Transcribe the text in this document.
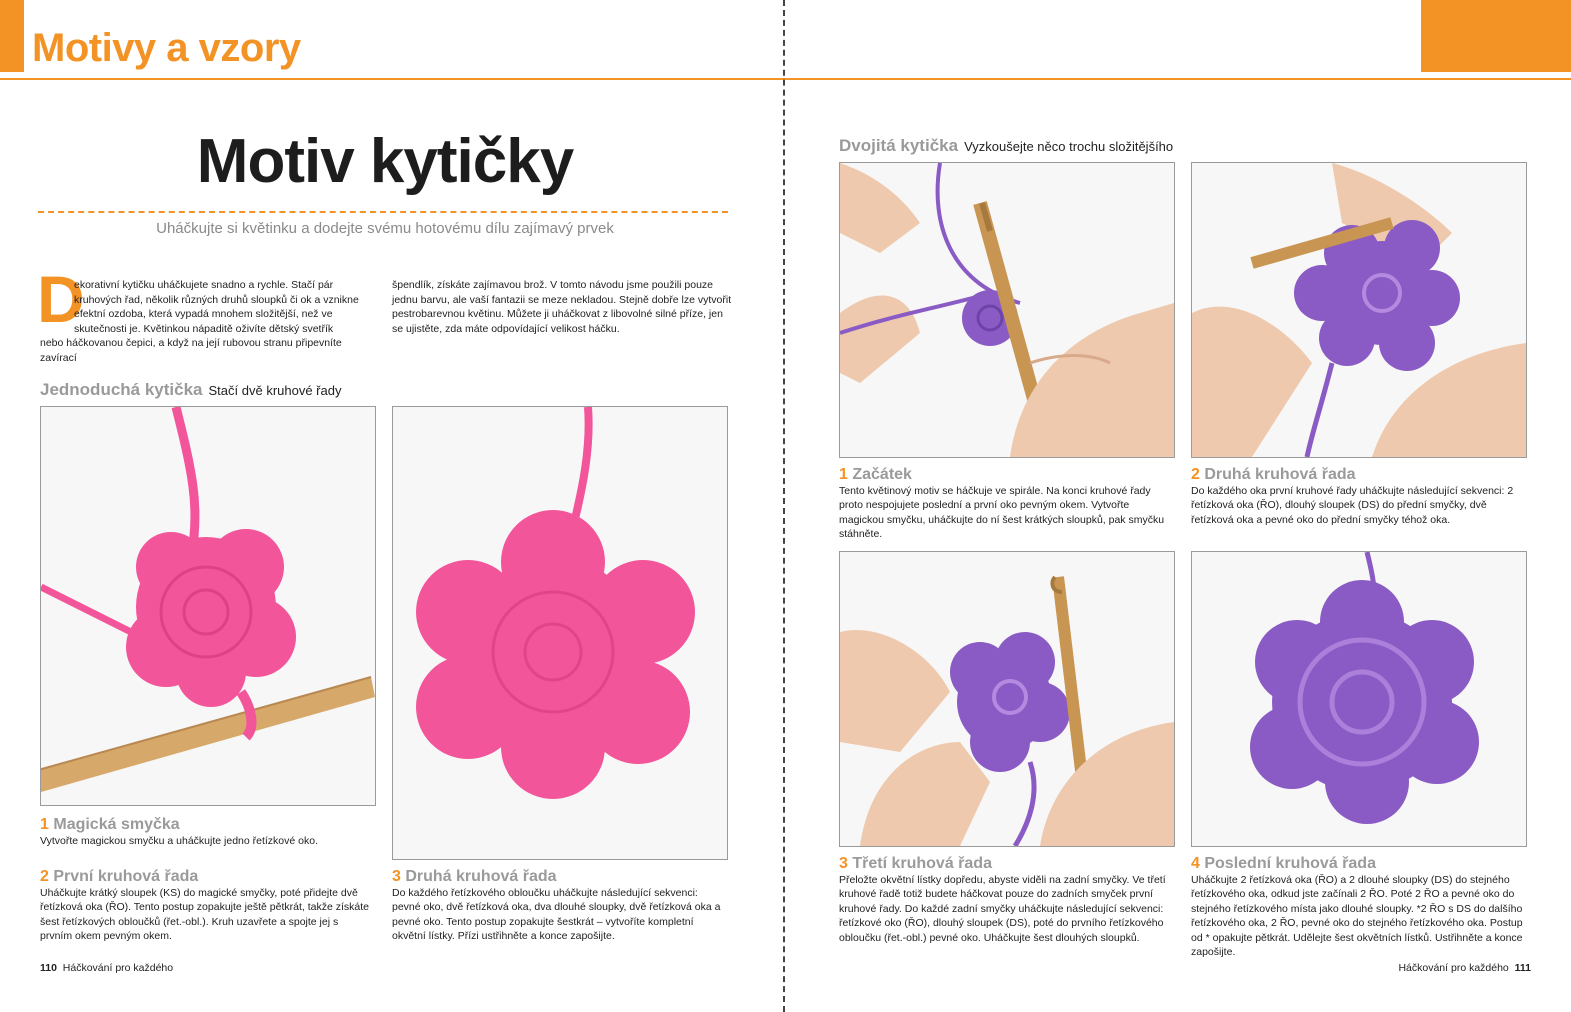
Motivy a vzory
Motiv kytičky
Uháčkujte si květinku a dodejte svému hotovému dílu zajímavý prvek
D
ekorativní kytičku uháčkujete snadno a rychle. Stačí pár
kruhových řad, několik různých druhů sloupků či ok a vznikne
efektní ozdoba, která vypadá mnohem složitější, než ve
skutečnosti je. Květinkou nápaditě oživíte dětský svetřík
nebo háčkovanou čepici, a když na její rubovou stranu připevníte zavírací
špendlík, získáte zajímavou brož. V tomto návodu jsme použili pouze jednu barvu, ale vaší fantazii se meze nekladou. Stejně dobře lze vytvořit pestrobarevnou květinu. Můžete ji uháčkovat z libovolné silné příze, jen se ujistěte, zda máte odpovídající velikost háčku.
Jednoduchá kytička Stačí dvě kruhové řady
1 Magická smyčka
Vytvořte magickou smyčku a uháčkujte jedno řetízkové oko.
2 První kruhová řada
Uháčkujte krátký sloupek (KS) do magické smyčky, poté přidejte dvě řetízková oka (ŘO). Tento postup zopakujte ještě pětkrát, takže získáte šest řetízkových obloučků (řet.-obl.). Kruh uzavřete a spojte jej s prvním okem pevným okem.
3 Druhá kruhová řada
Do každého řetízkového obloučku uháčkujte následující sekvenci: pevné oko, dvě řetízková oka, dva dlouhé sloupky, dvě řetízková oka a pevné oko. Tento postup zopakujte šestkrát – vytvoříte kompletní okvětní lístky. Přízi ustřihněte a konce zapošijte.
110 Háčkování pro každého
Dvojitá kytička Vyzkoušejte něco trochu složitějšího
1 Začátek
Tento květinový motiv se háčkuje ve spirále. Na konci kruhové řady proto nespojujete poslední a první oko pevným okem. Vytvořte magickou smyčku, uháčkujte do ní šest krátkých sloupků, pak smyčku stáhněte.
2 Druhá kruhová řada
Do každého oka první kruhové řady uháčkujte následující sekvenci: 2 řetízková oka (ŘO), dlouhý sloupek (DS) do přední smyčky, dvě řetízková oka a pevné oko do přední smyčky téhož oka.
3 Třetí kruhová řada
Přeložte okvětní lístky dopředu, abyste viděli na zadní smyčky. Ve třetí kruhové řadě totiž budete háčkovat pouze do zadních smyček první kruhové řady. Do každé zadní smyčky uháčkujte následující sekvenci: řetízkové oko (ŘO), dlouhý sloupek (DS), poté do prvního řetízkového obloučku (řet.-obl.) pevné oko. Uháčkujte šest dlouhých sloupků.
4 Poslední kruhová řada
Uháčkujte 2 řetízková oka (ŘO) a 2 dlouhé sloupky (DS) do stejného řetízkového oka, odkud jste začínali 2 ŘO. Poté 2 ŘO a pevné oko do stejného řetízkového místa jako dlouhé sloupky. *2 ŘO s DS do dalšího řetízkového oka, 2 ŘO, pevné oko do stejného řetízkového oka. Postup od * opakujte pětkrát. Udělejte šest okvětních lístků. Ustřihněte a konce zapošijte.
Háčkování pro každého 111
